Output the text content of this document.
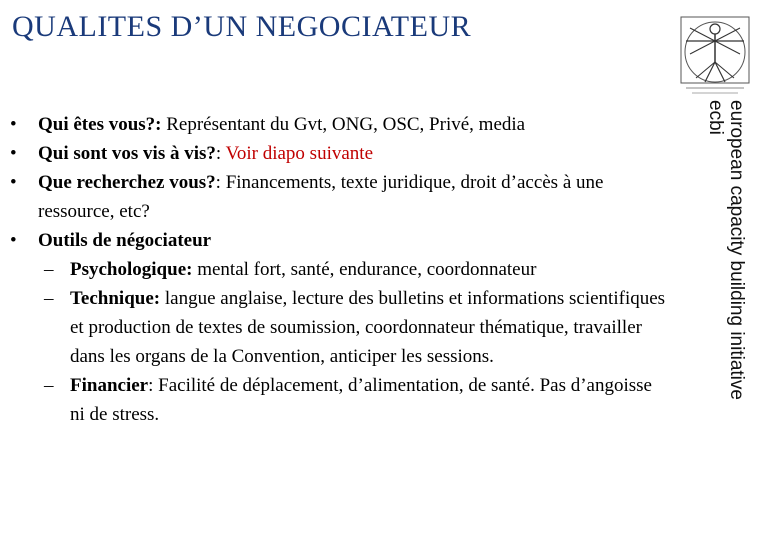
QUALITES D’UN NEGOCIATEUR
european capacity building initiative
ecbi
• Qui êtes vous?: Représentant du Gvt, ONG, OSC, Privé, media
• Qui sont vos vis à vis?: Voir diapo suivante
• Que recherchez vous?: Financements, texte juridique, droit d’accès à une ressource, etc?
• Outils de négociateur
– Psychologique: mental fort, santé, endurance, coordonnateur
– Technique: langue anglaise, lecture des bulletins et informations scientifiques et production de textes de soumission, coordonnateur thématique, travailler dans les organs de la Convention, anticiper les sessions.
– Financier: Facilité de déplacement, d’alimentation, de santé. Pas d’angoisse ni de stress.
